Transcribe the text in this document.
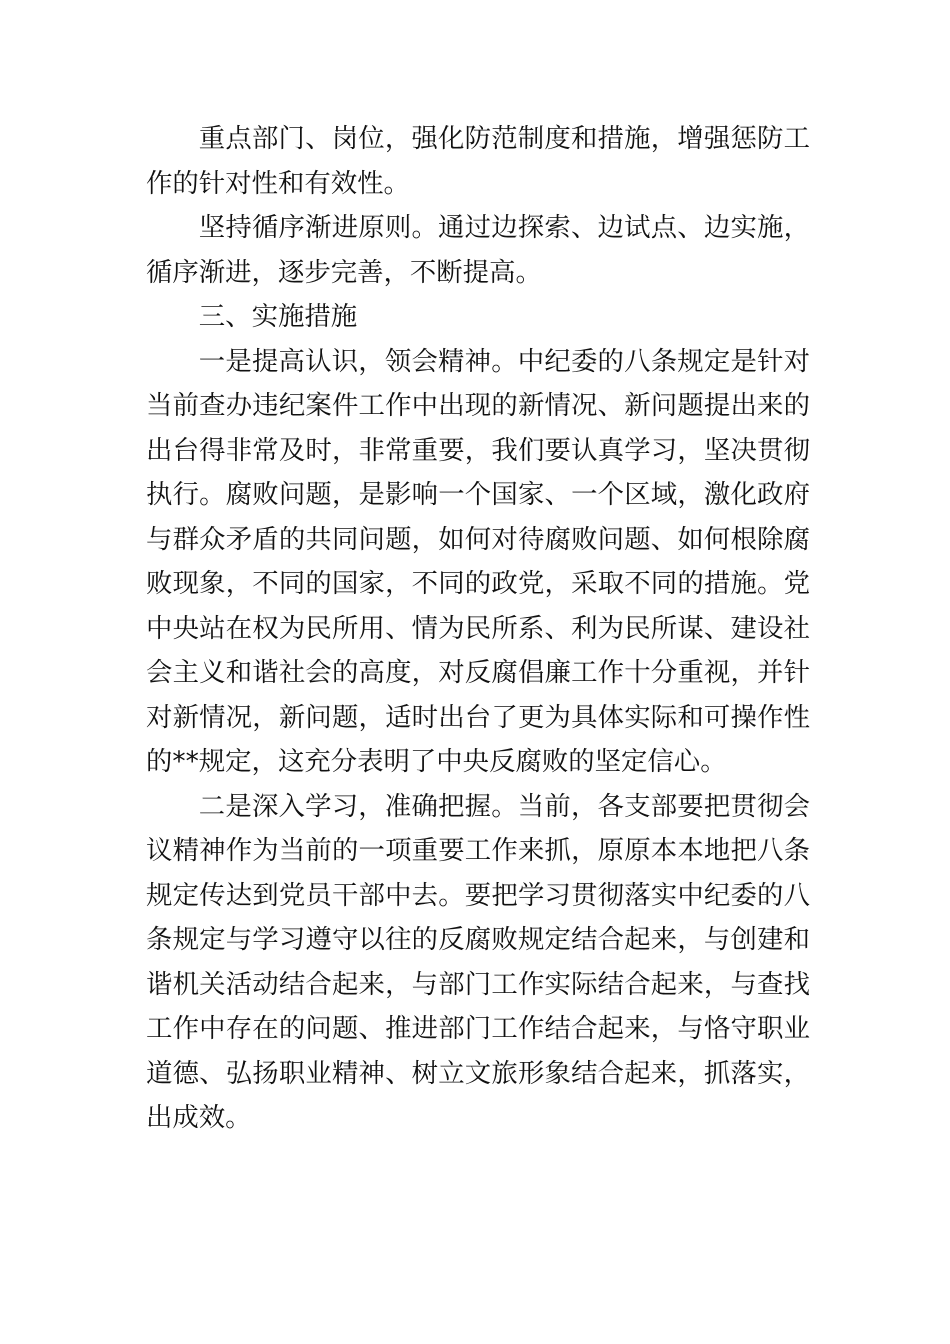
重点部门、岗位，强化防范制度和措施，增强惩防工作的针对性和有效性。

坚持循序渐进原则。通过边探索、边试点、边实施，循序渐进，逐步完善，不断提高。

三、实施措施

一是提高认识，领会精神。中纪委的八条规定是针对当前查办违纪案件工作中出现的新情况、新问题提出来的出台得非常及时，非常重要，我们要认真学习，坚决贯彻执行。腐败问题，是影响一个国家、一个区域，激化政府与群众矛盾的共同问题，如何对待腐败问题、如何根除腐败现象，不同的国家，不同的政党，采取不同的措施。党中央站在权为民所用、情为民所系、利为民所谋、建设社会主义和谐社会的高度，对反腐倡廉工作十分重视，并针对新情况，新问题，适时出台了更为具体实际和可操作性的**规定，这充分表明了中央反腐败的坚定信心。

二是深入学习，准确把握。当前，各支部要把贯彻会议精神作为当前的一项重要工作来抓，原原本本地把八条规定传达到党员干部中去。要把学习贯彻落实中纪委的八条规定与学习遵守以往的反腐败规定结合起来，与创建和谐机关活动结合起来，与部门工作实际结合起来，与查找工作中存在的问题、推进部门工作结合起来，与恪守职业道德、弘扬职业精神、树立文旅形象结合起来，抓落实，出成效。
